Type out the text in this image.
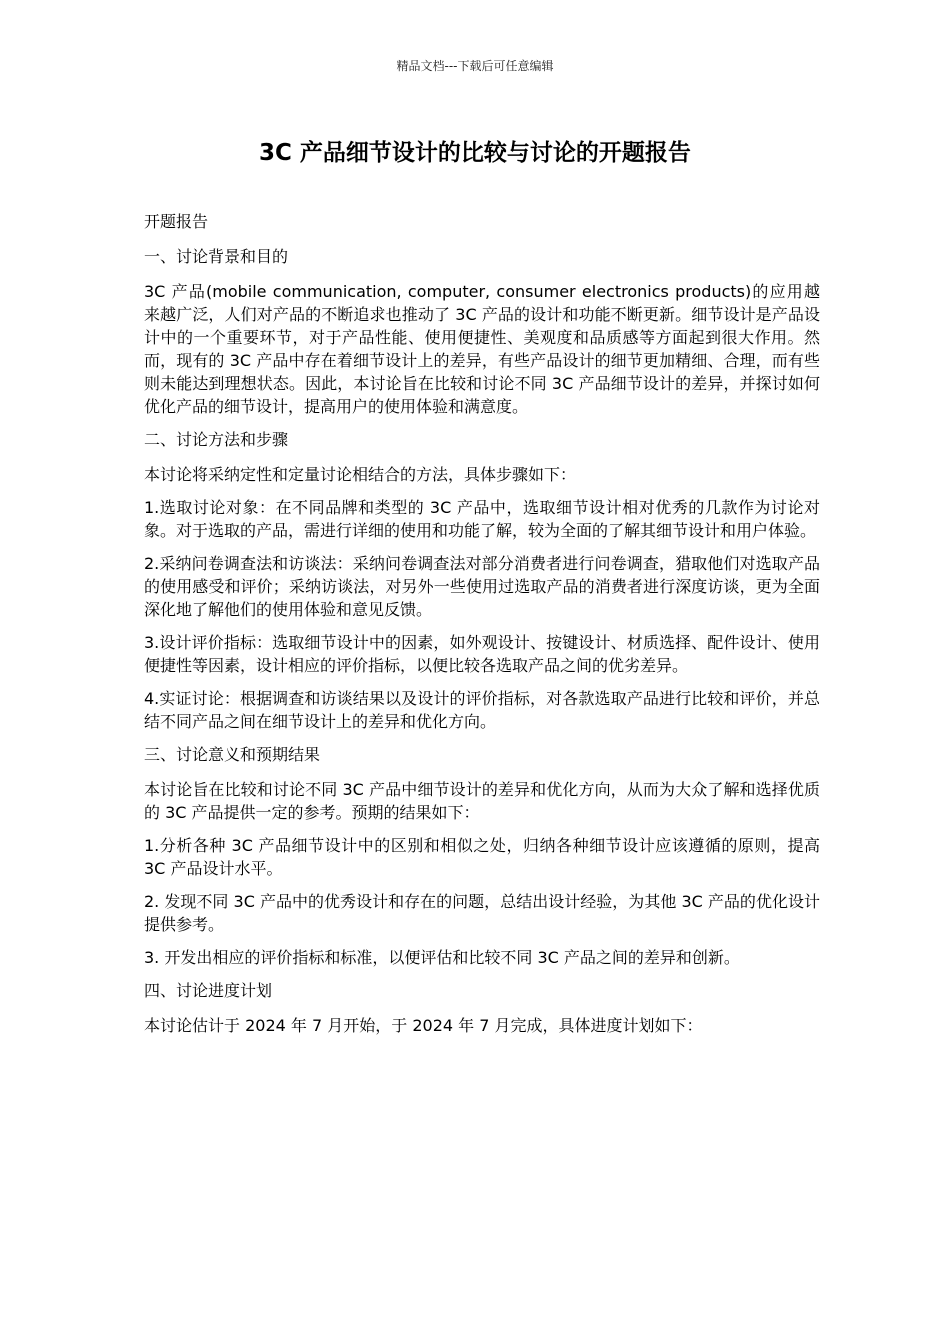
精品文档---下载后可任意编辑
3C 产品细节设计的比较与讨论的开题报告

开题报告

一、讨论背景和目的

3C 产品(mobile communication, computer, consumer electronics products)的应用越来越广泛，人们对产品的不断追求也推动了 3C 产品的设计和功能不断更新。细节设计是产品设计中的一个重要环节，对于产品性能、使用便捷性、美观度和品质感等方面起到很大作用。然而，现有的 3C 产品中存在着细节设计上的差异，有些产品设计的细节更加精细、合理，而有些则未能达到理想状态。因此，本讨论旨在比较和讨论不同 3C 产品细节设计的差异，并探讨如何优化产品的细节设计，提高用户的使用体验和满意度。

二、讨论方法和步骤

本讨论将采纳定性和定量讨论相结合的方法，具体步骤如下：

1.选取讨论对象：在不同品牌和类型的 3C 产品中，选取细节设计相对优秀的几款作为讨论对象。对于选取的产品，需进行详细的使用和功能了解，较为全面的了解其细节设计和用户体验。

2.采纳问卷调查法和访谈法：采纳问卷调查法对部分消费者进行问卷调查，猎取他们对选取产品的使用感受和评价；采纳访谈法，对另外一些使用过选取产品的消费者进行深度访谈，更为全面深化地了解他们的使用体验和意见反馈。

3.设计评价指标：选取细节设计中的因素，如外观设计、按键设计、材质选择、配件设计、使用便捷性等因素，设计相应的评价指标，以便比较各选取产品之间的优劣差异。

4.实证讨论：根据调查和访谈结果以及设计的评价指标，对各款选取产品进行比较和评价，并总结不同产品之间在细节设计上的差异和优化方向。

三、讨论意义和预期结果

本讨论旨在比较和讨论不同 3C 产品中细节设计的差异和优化方向，从而为大众了解和选择优质的 3C 产品提供一定的参考。预期的结果如下：

1.分析各种 3C 产品细节设计中的区别和相似之处，归纳各种细节设计应该遵循的原则，提高 3C 产品设计水平。

2. 发现不同 3C 产品中的优秀设计和存在的问题，总结出设计经验，为其他 3C 产品的优化设计提供参考。

3. 开发出相应的评价指标和标准，以便评估和比较不同 3C 产品之间的差异和创新。

四、讨论进度计划

本讨论估计于 2024 年 7 月开始，于 2024 年 7 月完成，具体进度计划如下：
